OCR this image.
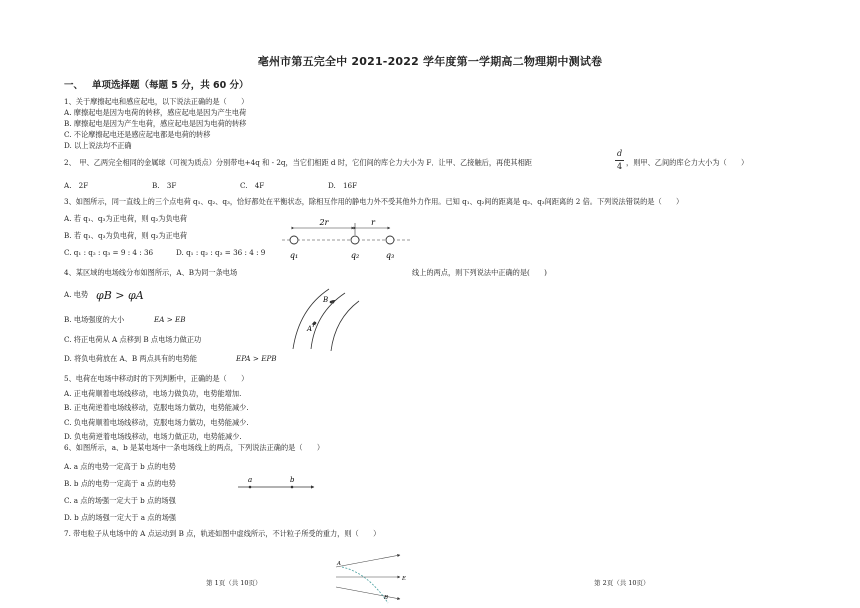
亳州市第五完全中 2021-2022 学年度第一学期高二物理期中测试卷
一、 单项选择题（每题 5 分，共 60 分）
1、关于摩擦起电和感应起电，以下说法正确的是（　　）
A. 摩擦起电是因为电荷的转移，感应起电是因为产生电荷
B. 摩擦起电是因为产生电荷，感应起电是因为电荷的转移
C. 不论摩擦起电还是感应起电都是电荷的转移
D. 以上说法均不正确
2、　甲、乙两完全相同的金属球（可视为质点）分别带电+4q 和 - 2q，当它们相距 d 时，它们间的库仑力大小为 F．让甲、乙接触后，再使其相距
d
4 ，则甲、乙间的库仑力大小为（　　）
A.　2F	B.　3F	C.　4F	D.　16F
3、如图所示，同一直线上的三个点电荷 q₁、q₂、q₃，恰好都处在平衡状态，除相互作用的静电力外不受其他外力作用。已知 q₁、q₂间的距离是 q₂、q₃间距离的 2 倍。下列说法错误的是（　　）
A. 若 q₁、q₃为正电荷，则 q₂为负电荷
B. 若 q₁、q₃为负电荷，则 q₂为正电荷
C. q₁ : q₂ : q₃ = 9 : 4 : 36	D. q₁ : q₂ : q₃ = 36 : 4 : 9
2r	r
q₁	q₂	q₃
4、某区域的电场线分布如图所示，A、B为同一条电场	线上的两点，则下列说法中正确的是(　　)
A. 电势 φB > φA
B. 电场强度的大小	EA > EB
C. 将正电荷从 A 点移到 B 点电场力做正功
D. 将负电荷放在 A、B 两点具有的电势能	EPA > EPB
A
B
5、电荷在电场中移动时的下列判断中，正确的是（　　）
A. 正电荷顺着电场线移动，电场力做负功，电势能增加.
B. 正电荷逆着电场线移动，克服电场力做功，电势能减少.
C. 负电荷顺着电场线移动，克服电场力做功，电势能减少.
D. 负电荷逆着电场线移动，电场力做正功，电势能减少.
6、如图所示，a、b 是某电场中一条电场线上的两点，下列说法正确的是（　　）
A. a 点的电势一定高于 b 点的电势
B. b 点的电势一定高于 a 点的电势
C. a 点的场强一定大于 b 点的场强
D. b 点的场强一定大于 a 点的场强
a	b
7. 带电粒子从电场中的 A 点运动到 B 点，轨迹如图中虚线所示，不计粒子所受的重力，则（　　）
A
E
B
第 1页（共 10页）	第 2页（共 10页）
